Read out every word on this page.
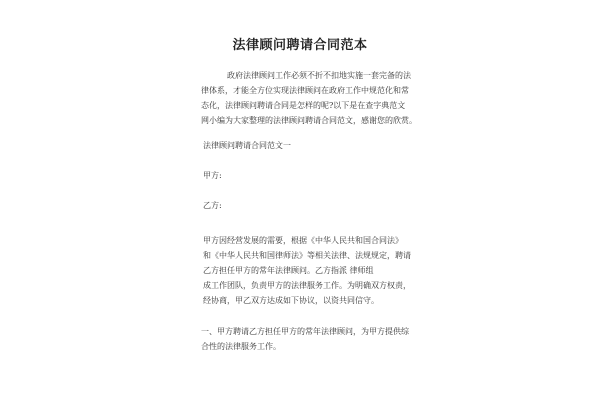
法律顾问聘请合同范本
政府法律顾问工作必须不折不扣地实施一套完备的法
律体系，才能全方位实现法律顾问在政府工作中规范化和常
态化，法律顾问聘请合同是怎样的呢?以下是在查字典范文
网小编为大家整理的法律顾问聘请合同范文，感谢您的欣赏。

法律顾问聘请合同范文一

甲方:

乙方:

甲方因经营发展的需要，根据《中华人民共和国合同法》
和《中华人民共和国律师法》等相关法律、法规规定，聘请
乙方担任甲方的常年法律顾问。乙方指派 律师组
成工作团队，负责甲方的法律服务工作。为明确双方权责，
经协商，甲乙双方达成如下协议，以资共同信守。
一、甲方聘请乙方担任甲方的常年法律顾问，为甲方提供综
合性的法律服务工作。
